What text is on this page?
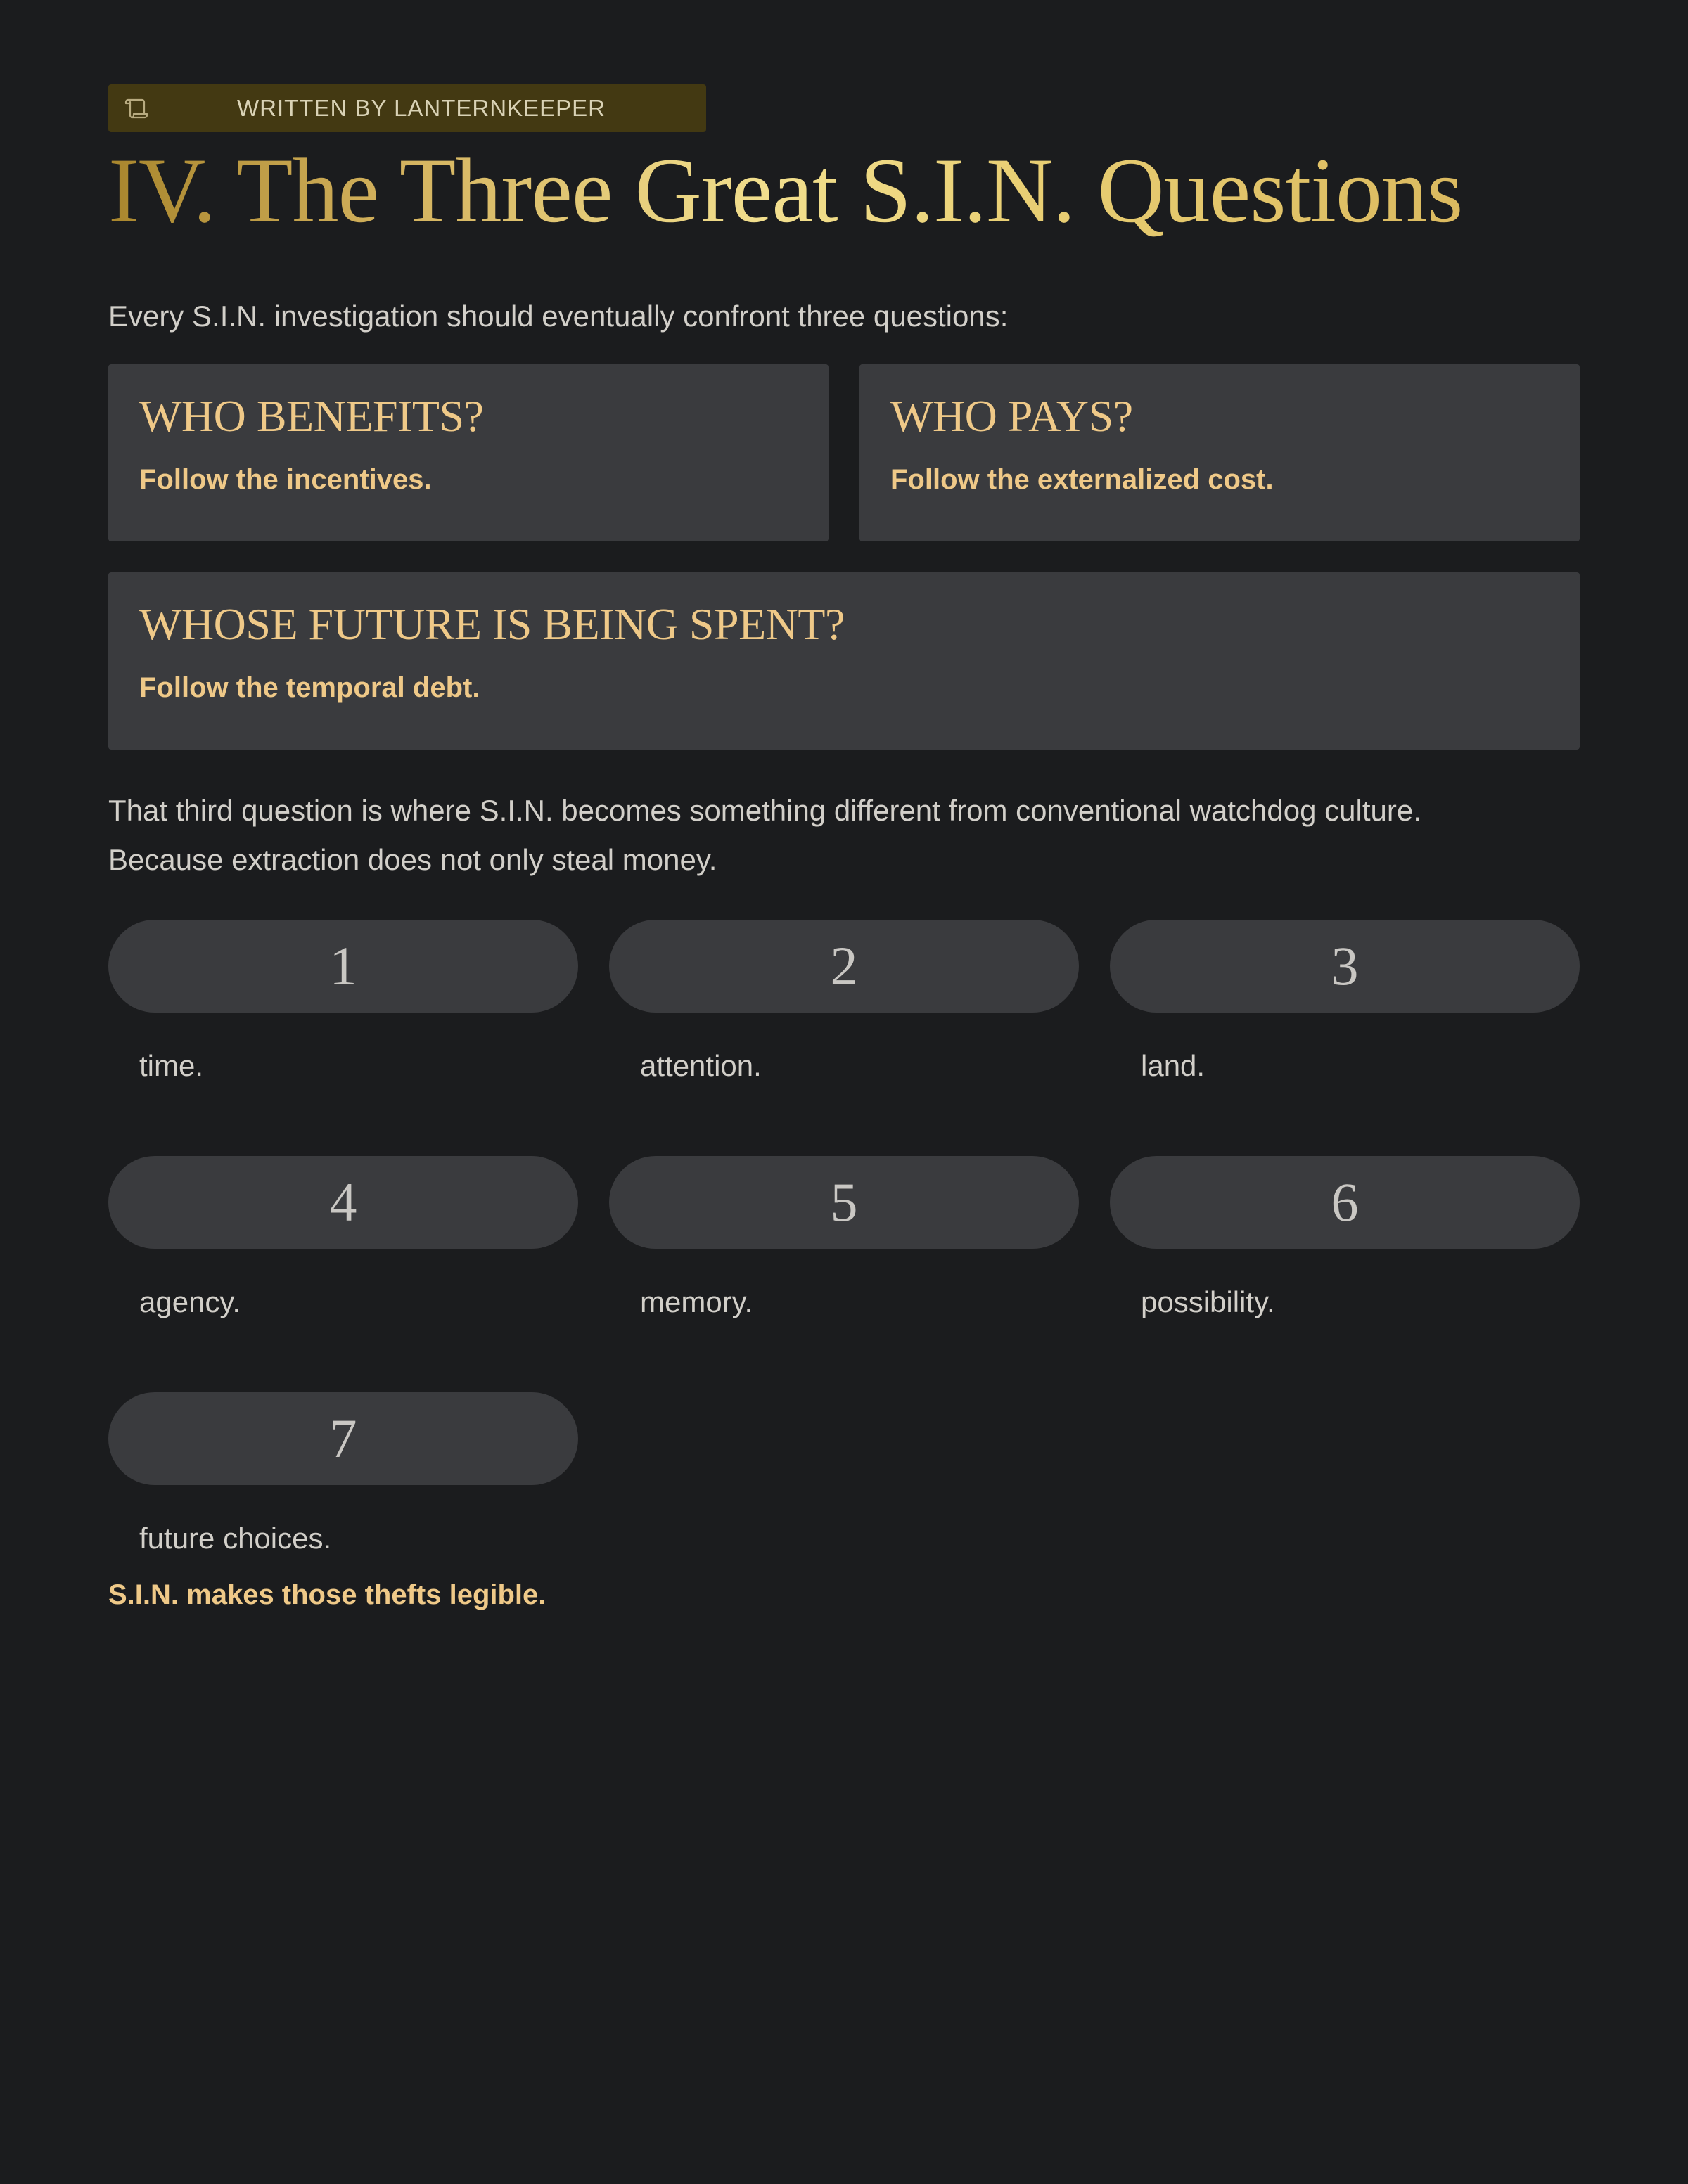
WRITTEN BY LANTERNKEEPER
IV. The Three Great S.I.N. Questions
Every S.I.N. investigation should eventually confront three questions:
WHO BENEFITS?
Follow the incentives.
WHO PAYS?
Follow the externalized cost.
WHOSE FUTURE IS BEING SPENT?
Follow the temporal debt.
That third question is where S.I.N. becomes something different from conventional watchdog culture.
Because extraction does not only steal money.
1
time.
2
attention.
3
land.
4
agency.
5
memory.
6
possibility.
7
future choices.
S.I.N. makes those thefts legible.
